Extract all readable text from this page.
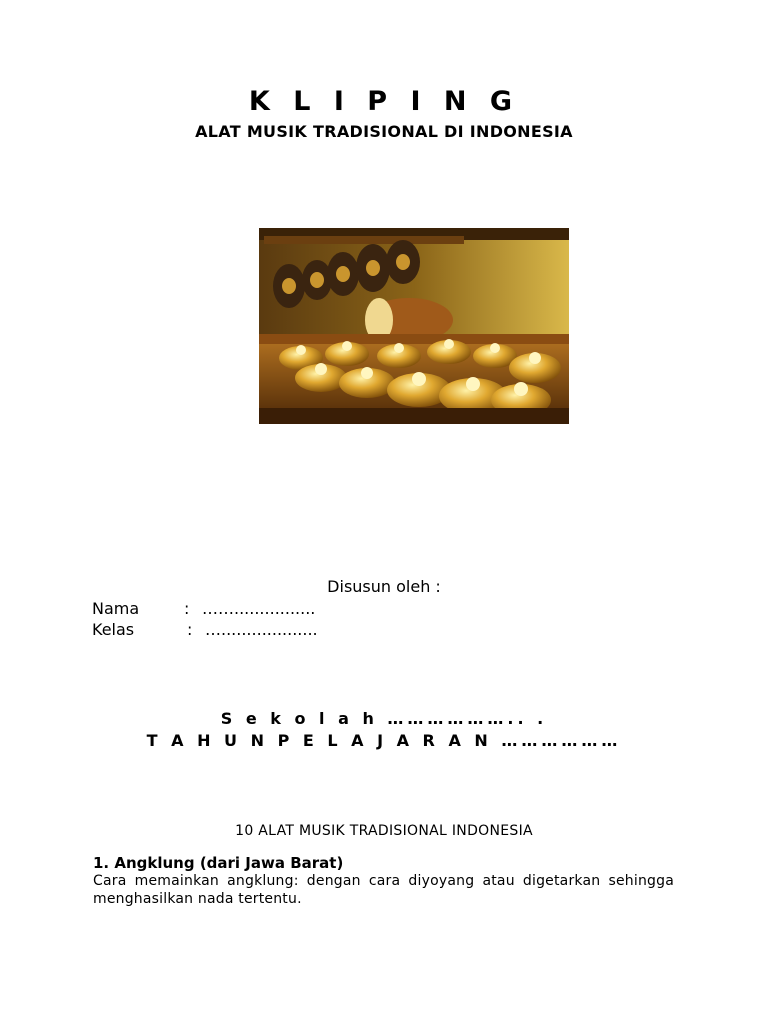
K L I P I N G
ALAT MUSIK TRADISIONAL DI INDONESIA
Disusun oleh :
Nama	: ……................
Kelas	: …...................
S e k o l a h ……………….. .
T A H U N P E L A J A R A N ………………
10 ALAT MUSIK TRADISIONAL INDONESIA
1. Angklung (dari Jawa Barat)
Cara memainkan angklung: dengan cara diyoyang atau digetarkan sehingga menghasilkan nada tertentu.
